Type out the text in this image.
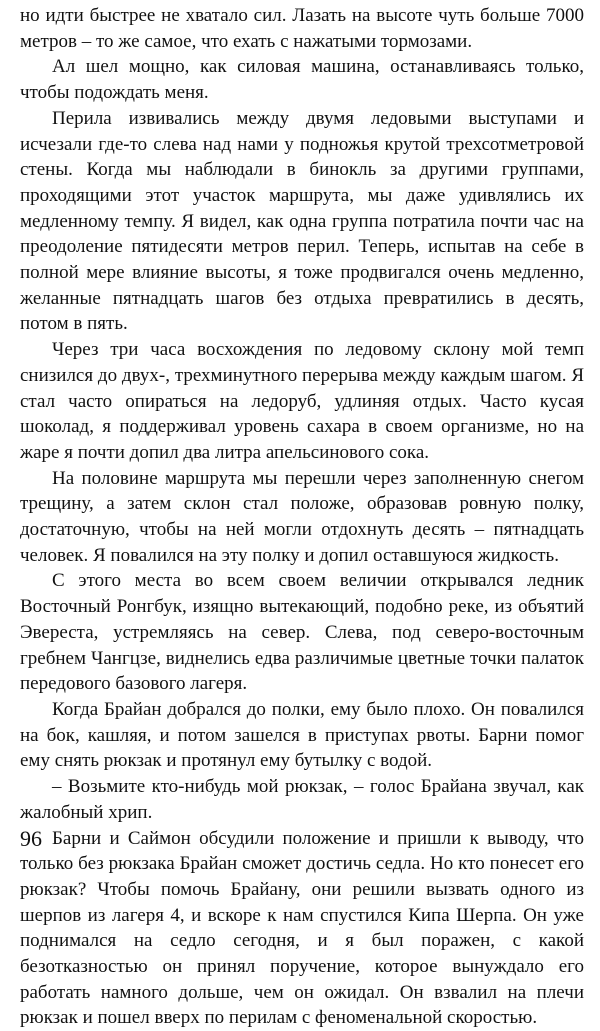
но идти быстрее не хватало сил. Лазать на высоте чуть больше 7000 метров – то же самое, что ехать с нажатыми тормозами.

Ал шел мощно, как силовая машина, останавливаясь только, чтобы подождать меня.

Перила извивались между двумя ледовыми выступами и исчезали где-то слева над нами у подножья крутой трехсотметровой стены. Когда мы наблюдали в бинокль за другими группами, проходящими этот участок маршрута, мы даже удивлялись их медленному темпу. Я видел, как одна группа потратила почти час на преодоление пятидесяти метров перил. Теперь, испытав на себе в полной мере влияние высоты, я тоже продвигался очень медленно, желанные пятнадцать шагов без отдыха превратились в десять, потом в пять.

Через три часа восхождения по ледовому склону мой темп снизился до двух-, трехминутного перерыва между каждым шагом. Я стал часто опираться на ледоруб, удлиняя отдых. Часто кусая шоколад, я поддерживал уровень сахара в своем организме, но на жаре я почти допил два литра апельсинового сока.

На половине маршрута мы перешли через заполненную снегом трещину, а затем склон стал положе, образовав ровную полку, достаточную, чтобы на ней могли отдохнуть десять – пятнадцать человек. Я повалился на эту полку и допил оставшуюся жидкость.

С этого места во всем своем величии открывался ледник Восточный Ронгбук, изящно вытекающий, подобно реке, из объятий Эвереста, устремляясь на север. Слева, под северо-восточным гребнем Чангцзе, виднелись едва различимые цветные точки палаток передового базового лагеря.

Когда Брайан добрался до полки, ему было плохо. Он повалился на бок, кашляя, и потом зашелся в приступах рвоты. Барни помог ему снять рюкзак и протянул ему бутылку с водой.

– Возьмите кто-нибудь мой рюкзак, – голос Брайана звучал, как жалобный хрип.

Барни и Саймон обсудили положение и пришли к выводу, что только без рюкзака Брайан сможет достичь седла. Но кто понесет его рюкзак? Чтобы помочь Брайану, они решили вызвать одного из шерпов из лагеря 4, и вскоре к нам спустился Кипа Шерпа. Он уже поднимался на седло сегодня, и я был поражен, с какой безотказностью он принял поручение, которое вынуждало его работать намного дольше, чем он ожидал. Он взвалил на плечи рюкзак и пошел вверх по перилам с феноменальной скоростью.

96
